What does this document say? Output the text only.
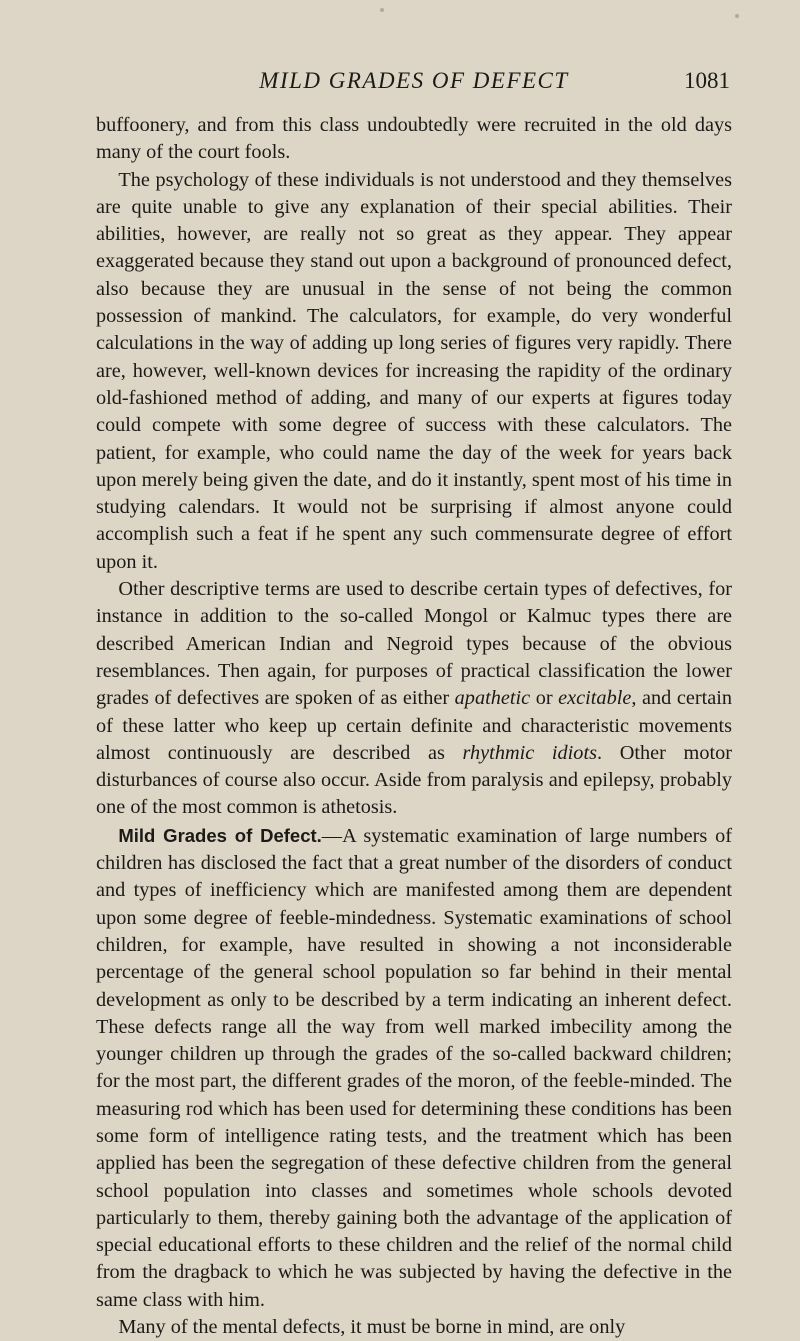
MILD GRADES OF DEFECT	1081

buffoonery, and from this class undoubtedly were recruited in the old days many of the court fools.

The psychology of these individuals is not understood and they themselves are quite unable to give any explanation of their special abilities. Their abilities, however, are really not so great as they appear. They appear exaggerated because they stand out upon a background of pronounced defect, also because they are unusual in the sense of not being the common possession of mankind. The calculators, for example, do very wonderful calculations in the way of adding up long series of figures very rapidly. There are, however, well-known devices for increasing the rapidity of the ordinary old-fashioned method of adding, and many of our experts at figures today could compete with some degree of success with these calculators. The patient, for example, who could name the day of the week for years back upon merely being given the date, and do it instantly, spent most of his time in studying calendars. It would not be surprising if almost anyone could accomplish such a feat if he spent any such commensurate degree of effort upon it.

Other descriptive terms are used to describe certain types of defectives, for instance in addition to the so-called Mongol or Kalmuc types there are described American Indian and Negroid types because of the obvious resemblances. Then again, for purposes of practical classification the lower grades of defectives are spoken of as either apathetic or excitable, and certain of these latter who keep up certain definite and characteristic movements almost continuously are described as rhythmic idiots. Other motor disturbances of course also occur. Aside from paralysis and epilepsy, probably one of the most common is athetosis.

Mild Grades of Defect.—A systematic examination of large numbers of children has disclosed the fact that a great number of the disorders of conduct and types of inefficiency which are manifested among them are dependent upon some degree of feeble-mindedness. Systematic examinations of school children, for example, have resulted in showing a not inconsiderable percentage of the general school population so far behind in their mental development as only to be described by a term indicating an inherent defect. These defects range all the way from well marked imbecility among the younger children up through the grades of the so-called backward children; for the most part, the different grades of the moron, of the feeble-minded. The measuring rod which has been used for determining these conditions has been some form of intelligence rating tests, and the treatment which has been applied has been the segregation of these defective children from the general school population into classes and sometimes whole schools devoted particularly to them, thereby gaining both the advantage of the application of special educational efforts to these children and the relief of the normal child from the dragback to which he was subjected by having the defective in the same class with him.

Many of the mental defects, it must be borne in mind, are only
